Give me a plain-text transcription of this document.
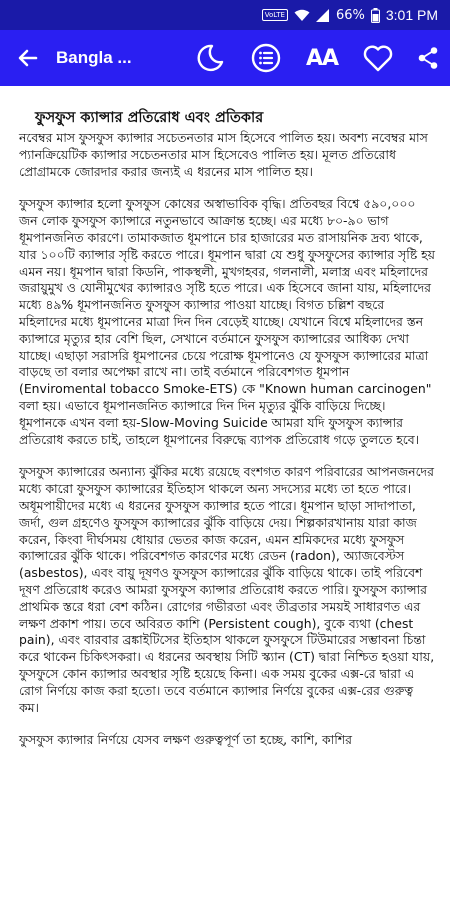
VoLTE	66% 3:01 PM
Bangla ...	AA
ফুসফুস ক্যান্সার প্রতিরোধ এবং প্রতিকার

নবেম্বর মাস ফুসফুস ক্যান্সার সচেতনতার মাস হিসেবে পালিত হয়। অবশ্য নবেম্বর মাস প্যানক্রিয়েটিক ক্যান্সার সচেতনতার মাস হিসেবেও পালিত হয়। মূলত প্রতিরোধ প্রোগ্রামকে জোরদার করার জন্যই এ ধরনের মাস পালিত হয়।

ফুসফুস ক্যান্সার হলো ফুসফুস কোষের অস্বাভাবিক বৃদ্ধি। প্রতিবছর বিশ্বে ৫৯০,০০০ জন লোক ফুসফুস ক্যান্সারে নতুনভাবে আক্রান্ত হচ্ছে। এর মধ্যে ৮০-৯০ ভাগ ধূমপানজনিত কারণে। তামাকজাত ধূমপানে চার হাজারের মত রাসায়নিক দ্রব্য থাকে, যার ১০০টি ক্যান্সার সৃষ্টি করতে পারে। ধূমপান দ্বারা যে শুধু ফুসফুসের ক্যান্সার সৃষ্টি হয় এমন নয়। ধূমপান দ্বারা কিডনি, পাকস্থলী, মুখগহবর, গলনালী, মলাস্ত্র এবং মহিলাদের জরায়ুমুখ ও যোনীমুখের ক্যান্সারও সৃষ্টি হতে পারে। এক হিসেবে জানা যায়, মহিলাদের মধ্যে ৪৯% ধূমপানজনিত ফুসফুস ক্যান্সার পাওয়া যাচ্ছে। বিগত চল্লিশ বছরে মহিলাদের মধ্যে ধূমপানের মাত্রা দিন দিন বেড়েই যাচ্ছে। যেখানে বিশ্বে মহিলাদের স্তন ক্যান্সারে মৃত্যুর হার বেশি ছিল, সেখানে বর্তমানে ফুসফুস ক্যান্সারের আধিক্য দেখা যাচ্ছে। এছাড়া সরাসরি ধূমপানের চেয়ে পরোক্ষ ধূমপানেও যে ফুসফুস ক্যান্সারের মাত্রা বাড়ছে তা বলার অপেক্ষা রাখে না। তাই বর্তমানে পরিবেশগত ধূমপান (Enviromental tobacco Smoke-ETS) কে "Known human carcinogen" বলা হয়। এভাবে ধূমপানজনিত ক্যান্সারে দিন দিন মৃত্যুর ঝুঁকি বাড়িয়ে দিচ্ছে। ধূমপানকে এখন বলা হয়-Slow-Moving Suicide আমরা যদি ফুসফুস ক্যান্সার প্রতিরোধ করতে চাই, তাহলে ধূমপানের বিরুদ্ধে ব্যাপক প্রতিরোধ গড়ে তুলতে হবে।

ফুসফুস ক্যান্সারের অন্যান্য ঝুঁকির মধ্যে রয়েছে বংশগত কারণ পরিবারের আপনজনদের মধ্যে কারো ফুসফুস ক্যান্সারের ইতিহাস থাকলে অন্য সদস্যের মধ্যে তা হতে পারে। অধূমপায়ীদের মধ্যে এ ধরনের ফুসফুস ক্যান্সার হতে পারে। ধূমপান ছাড়া সাদাপাতা, জর্দা, গুল গ্রহণেও ফুসফুস ক্যান্সারের ঝুঁকি বাড়িয়ে দেয়। শিল্পকারখানায় যারা কাজ করেন, কিংবা দীর্ঘসময় ধোয়ার ভেতর কাজ করেন, এমন শ্রমিকদের মধ্যে ফুসফুস ক্যান্সারের ঝুঁকি থাকে। পরিবেশগত কারণের মধ্যে রেডন (radon), অ্যাজবেস্টস (asbestos), এবং বায়ু দূষণও ফুসফুস ক্যান্সারের ঝুঁকি বাড়িয়ে থাকে। তাই পরিবেশ দূষণ প্রতিরোধ করেও আমরা ফুসফুস ক্যান্সার প্রতিরোধ করতে পারি। ফুসফুস ক্যান্সার প্রাথমিক স্তরে ধরা বেশ কঠিন। রোগের গভীরতা এবং তীব্রতার সময়ই সাধারণত এর লক্ষণ প্রকাশ পায়। তবে অবিরত কাশি (Persistent cough), বুকে ব্যথা (chest pain), এবং বারবার ব্রঙ্কাইটিসের ইতিহাস থাকলে ফুসফুসে টিউমারের সম্ভাবনা চিন্তা করে থাকেন চিকিৎসকরা। এ ধরনের অবস্থায় সিটি স্ক্যান (CT) দ্বারা নিশ্চিত হওয়া যায়, ফুসফুসে কোন ক্যান্সার অবস্থার সৃষ্টি হয়েছে কিনা। এক সময় বুকের এক্স-রে দ্বারা এ রোগ নির্ণয়ে কাজ করা হতো। তবে বর্তমানে ক্যান্সার নির্ণয়ে বুকের এক্স-রের গুরুত্ব কম।

ফুসফুস ক্যান্সার নির্ণয়ে যেসব লক্ষণ গুরুত্বপূর্ণ তা হচ্ছে, কাশি, কাশির
